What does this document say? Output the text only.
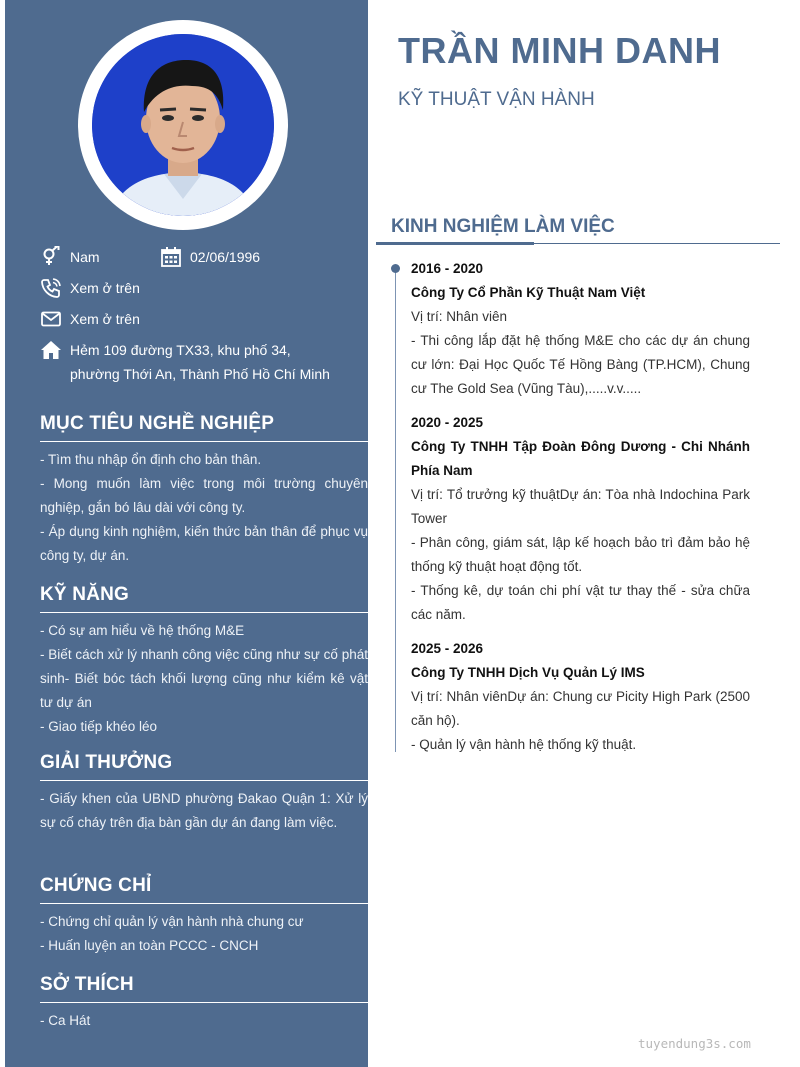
Nam	02/06/1996
Xem ở trên
Xem ở trên
Hẻm 109 đường TX33, khu phố 34, phường Thới An, Thành Phố Hồ Chí Minh
MỤC TIÊU NGHỀ NGHIỆP
- Tìm thu nhập ổn định cho bản thân.
- Mong muốn làm việc trong môi trường chuyên nghiệp, gắn bó lâu dài với công ty.
- Áp dụng kinh nghiệm, kiến thức bản thân để phục vụ công ty, dự án.
KỸ NĂNG
- Có sự am hiểu về hệ thống M&E
- Biết cách xử lý nhanh công việc cũng như sự cố phát sinh- Biết bóc tách khối lượng cũng như kiểm kê vật tư dự án
- Giao tiếp khéo léo
GIẢI THƯỞNG
- Giấy khen của UBND phường Đakao Quận 1: Xử lý sự cố cháy trên địa bàn gần dự án đang làm việc.
CHỨNG CHỈ
- Chứng chỉ quản lý vận hành nhà chung cư
- Huấn luyện an toàn PCCC - CNCH
SỞ THÍCH
- Ca Hát
TRẦN MINH DANH
KỸ THUẬT VẬN HÀNH
KINH NGHIỆM LÀM VIỆC
2016 - 2020
Công Ty Cổ Phần Kỹ Thuật Nam Việt
Vị trí: Nhân viên
- Thi công lắp đặt hệ thống M&E cho các dự án chung cư lớn: Đại Học Quốc Tế Hồng Bàng (TP.HCM), Chung cư The Gold Sea (Vũng Tàu),.....v.v.....
2020 - 2025
Công Ty TNHH Tập Đoàn Đông Dương - Chi Nhánh Phía Nam
Vị trí: Tổ trưởng kỹ thuậtDự án: Tòa nhà Indochina Park Tower
- Phân công, giám sát, lập kế hoạch bảo trì đảm bảo hệ thống kỹ thuật hoạt động tốt.
- Thống kê, dự toán chi phí vật tư thay thế - sửa chữa các năm.
2025 - 2026
Công Ty TNHH Dịch Vụ Quản Lý IMS
Vị trí: Nhân viênDự án: Chung cư Picity High Park (2500 căn hộ).
- Quản lý vận hành hệ thống kỹ thuật.
tuyendung3s.com
